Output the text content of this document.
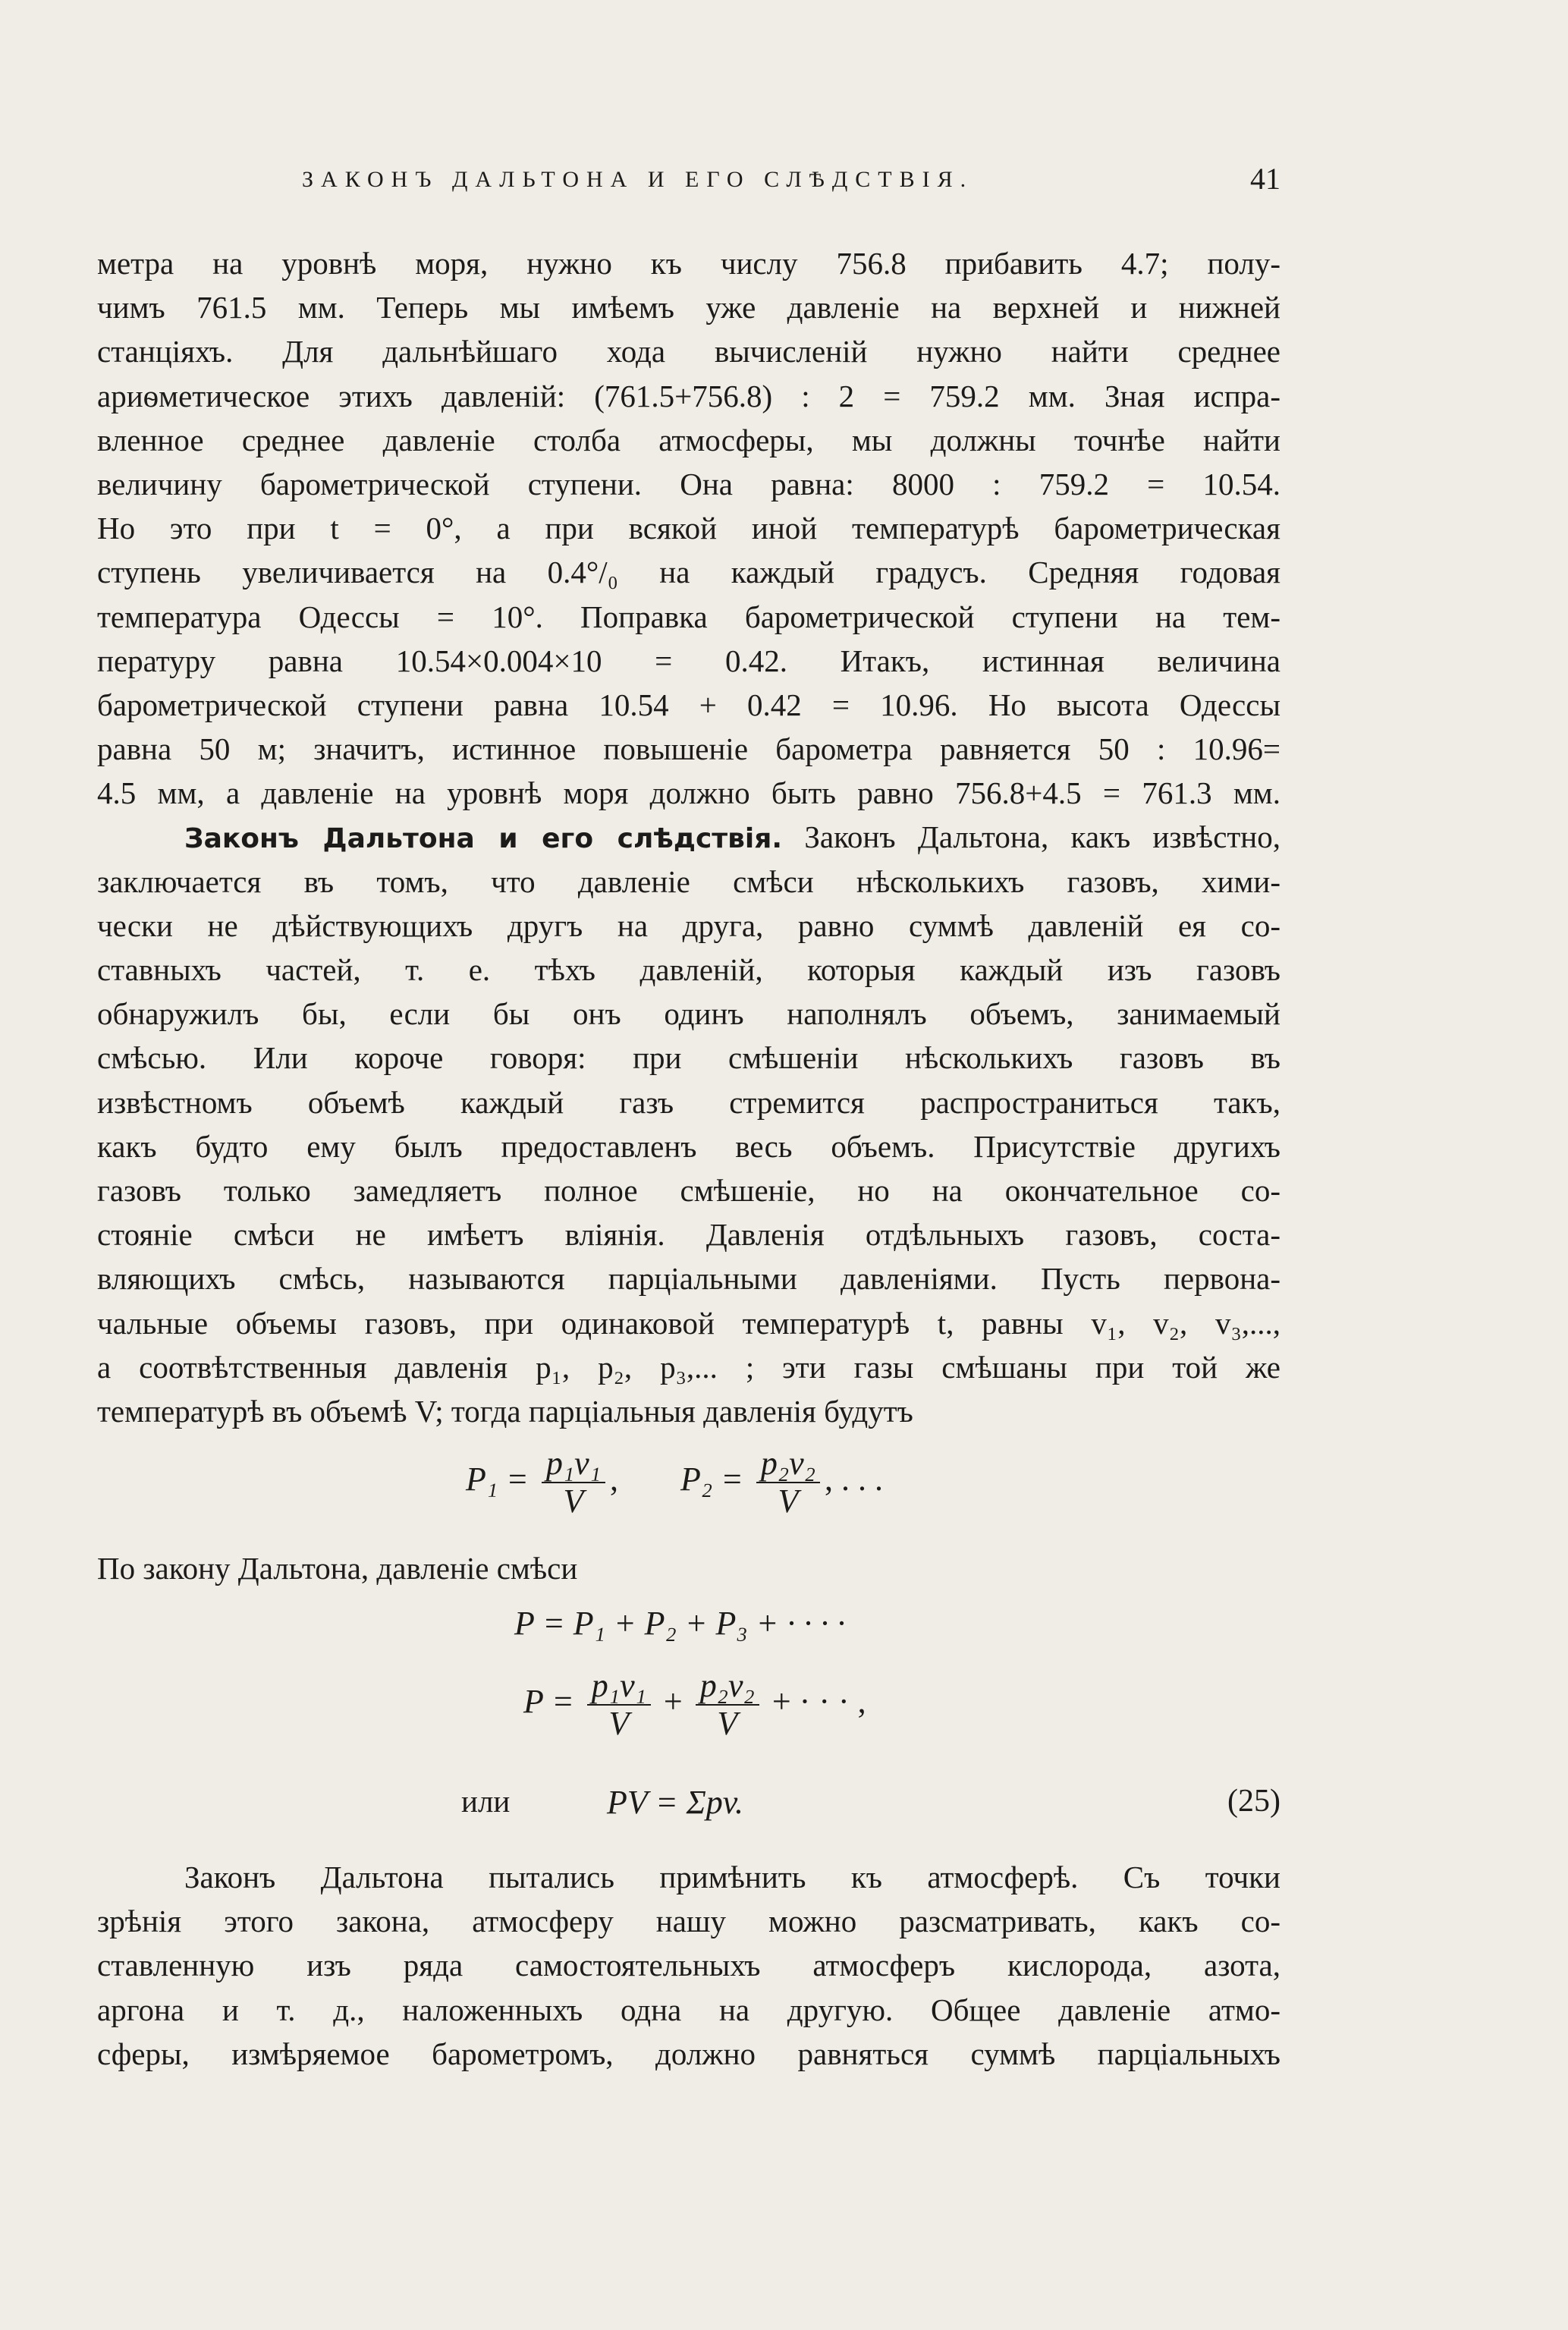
ЗАКОНЪ ДАЛЬТОНА И ЕГО СЛѢДСТВІЯ.	41
метра на уровнѣ моря, нужно къ числу 756.8 прибавить 4.7; полу-
чимъ 761.5 мм. Теперь мы имѣемъ уже давленіе на верхней и нижней
станціяхъ. Для дальнѣйшаго хода вычисленій нужно найти среднее
ариѳметическое этихъ давленій: (761.5+756.8) : 2 = 759.2 мм. Зная испра-
вленное среднее давленіе столба атмосферы, мы должны точнѣе найти
величину барометрической ступени. Она равна: 8000 : 759.2 = 10.54.
Но это при t = 0°, а при всякой иной температурѣ барометрическая
ступень увеличивается на 0.4°/₀ на каждый градусъ. Средняя годовая
температура Одессы = 10°. Поправка барометрической ступени на тем-
пературу равна 10.54×0.004×10 = 0.42. Итакъ, истинная величина
барометрической ступени равна 10.54 + 0.42 = 10.96. Но высота Одессы
равна 50 м; значитъ, истинное повышеніе барометра равняется 50 : 10.96=
4.5 мм, а давленіе на уровнѣ моря должно быть равно 756.8+4.5 = 761.3 мм.
Законъ Дальтона и его слѣдствія. Законъ Дальтона, какъ извѣстно,
заключается въ томъ, что давленіе смѣси нѣсколькихъ газовъ, хими-
чески не дѣйствующихъ другъ на друга, равно суммѣ давленій ея со-
ставныхъ частей, т. е. тѣхъ давленій, которыя каждый изъ газовъ
обнаружилъ бы, если бы онъ одинъ наполнялъ объемъ, занимаемый
смѣсью. Или короче говоря: при смѣшеніи нѣсколькихъ газовъ въ
извѣстномъ объемѣ каждый газъ стремится распространиться такъ,
какъ будто ему былъ предоставленъ весь объемъ. Присутствіе другихъ
газовъ только замедляетъ полное смѣшеніе, но на окончательное со-
стояніе смѣси не имѣетъ вліянія. Давленія отдѣльныхъ газовъ, соста-
вляющихъ смѣсь, называются парціальными давленіями. Пусть первона-
чальные объемы газовъ, при одинаковой температурѣ t, равны v₁, v₂, v₃,...,
а соотвѣтственныя давленія p₁, p₂, p₃,... ; эти газы смѣшаны при той же
температурѣ въ объемѣ V; тогда парціальныя давленія будутъ
$P_1 = \frac{\text{p₁v₁}}{V}$ , $P_2 = \frac{\text{p₂v₂}}{V}$ , . . .
По закону Дальтона, давленіе смѣси
P = P₁ + P₂ + P₃ + · · · ·
$P = \frac{\text{p₁v₁}}{V} + \frac{\text{p₂v₂}}{V}$ + · · · ,
или	PV = Σpv.	(25)
Законъ Дальтона пытались примѣнить къ атмосферѣ. Съ точки
зрѣнія этого закона, атмосферу нашу можно разсматривать, какъ со-
ставленную изъ ряда самостоятельныхъ атмосферъ кислорода, азота,
аргона и т. д., наложенныхъ одна на другую. Общее давленіе атмо-
сферы, измѣряемое барометромъ, должно равняться суммѣ парціальныхъ
